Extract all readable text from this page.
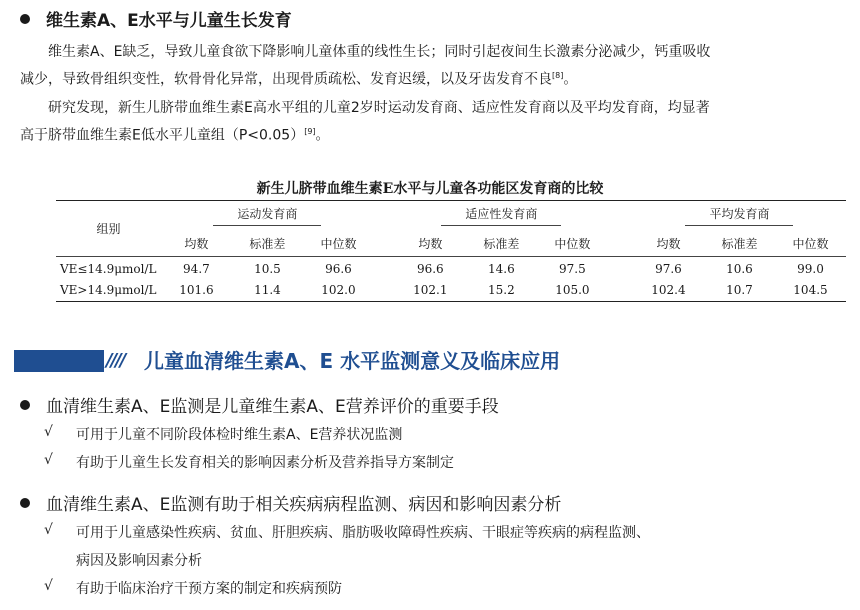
维生素A、E水平与儿童生长发育
维生素A、E缺乏，导致儿童食欲下降影响儿童体重的线性生长；同时引起夜间生长激素分泌减少，钙重吸收
减少，导致骨组织变性，软骨骨化异常，出现骨质疏松、发育迟缓，以及牙齿发育不良[8]。
研究发现，新生儿脐带血维生素E高水平组的儿童2岁时运动发育商、适应性发育商以及平均发育商，均显著
高于脐带血维生素E低水平儿童组（P<0.05）[9]。
新生儿脐带血维生素E水平与儿童各功能区发育商的比较
组别	运动发育商				适应性发育商				平均发育商		
	均数	标准差	中位数		均数	标准差	中位数		均数	标准差	中位数

VE≤14.9μmol/L	94.7	10.5	96.6		96.6	14.6	97.5		97.6	10.6	99.0
VE>14.9μmol/L	101.6	11.4	102.0		102.1	15.2	105.0		102.4	10.7	104.5
//// 儿童血清维生素A、E 水平监测意义及临床应用
血清维生素A、E监测是儿童维生素A、E营养评价的重要手段
√	可用于儿童不同阶段体检时维生素A、E营养状况监测
√	有助于儿童生长发育相关的影响因素分析及营养指导方案制定
血清维生素A、E监测有助于相关疾病病程监测、病因和影响因素分析
√	可用于儿童感染性疾病、贫血、肝胆疾病、脂肪吸收障碍性疾病、干眼症等疾病的病程监测、
病因及影响因素分析
√	有助于临床治疗干预方案的制定和疾病预防
